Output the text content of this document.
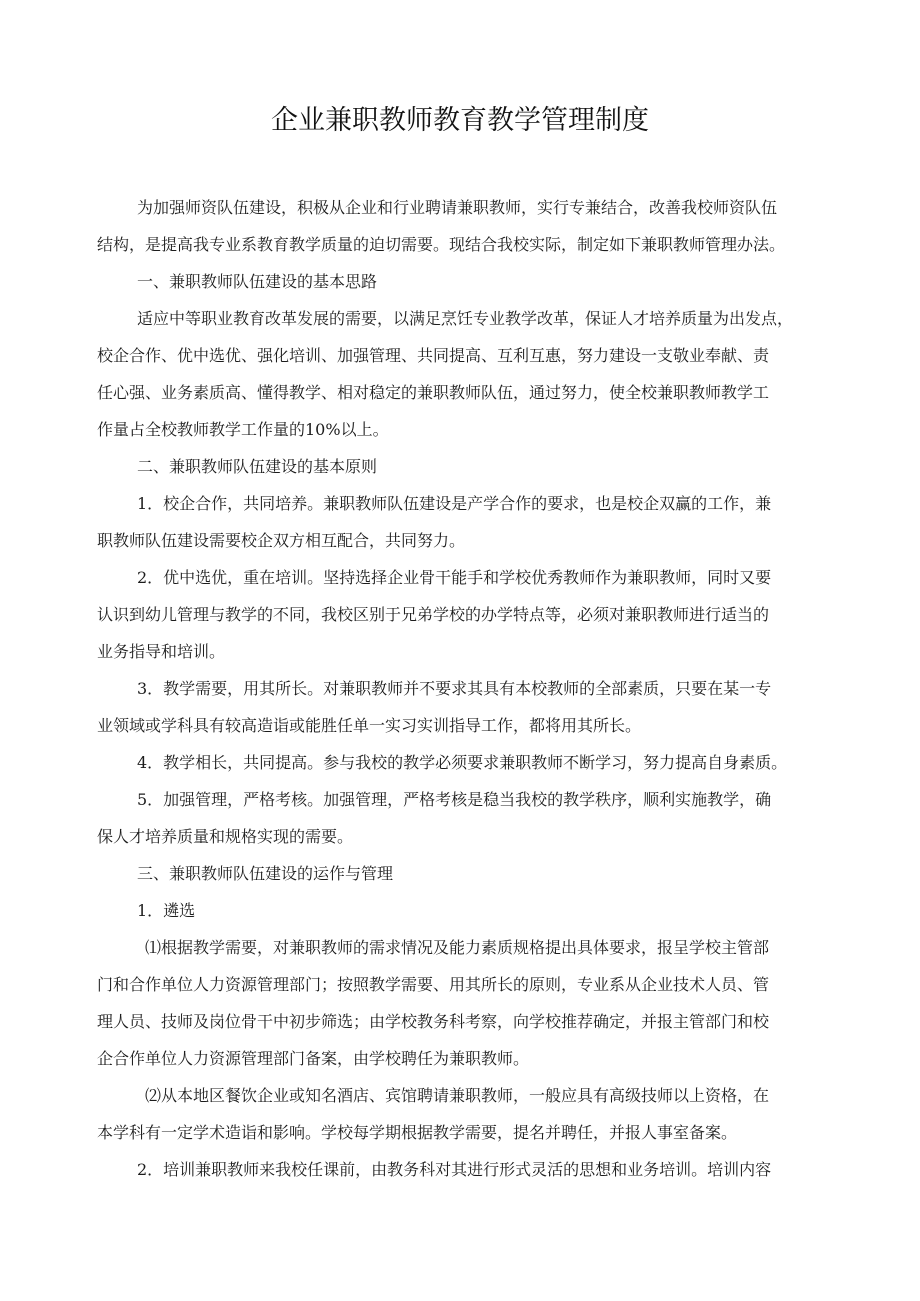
企业兼职教师教育教学管理制度
为加强师资队伍建设，积极从企业和行业聘请兼职教师，实行专兼结合，改善我校师资队伍
结构，是提高我专业系教育教学质量的迫切需要。现结合我校实际，制定如下兼职教师管理办法。
一、兼职教师队伍建设的基本思路
适应中等职业教育改革发展的需要，以满足烹饪专业教学改革，保证人才培养质量为出发点，
校企合作、优中选优、强化培训、加强管理、共同提高、互利互惠，努力建设一支敬业奉献、责
任心强、业务素质高、懂得教学、相对稳定的兼职教师队伍，通过努力，使全校兼职教师教学工
作量占全校教师教学工作量的10%以上。
二、兼职教师队伍建设的基本原则
1．校企合作，共同培养。兼职教师队伍建设是产学合作的要求，也是校企双赢的工作，兼
职教师队伍建设需要校企双方相互配合，共同努力。
2．优中选优，重在培训。坚持选择企业骨干能手和学校优秀教师作为兼职教师，同时又要
认识到幼儿管理与教学的不同，我校区别于兄弟学校的办学特点等，必须对兼职教师进行适当的
业务指导和培训。
3．教学需要，用其所长。对兼职教师并不要求其具有本校教师的全部素质，只要在某一专
业领域或学科具有较高造诣或能胜任单一实习实训指导工作，都将用其所长。
4．教学相长，共同提高。参与我校的教学必须要求兼职教师不断学习，努力提高自身素质。
5．加强管理，严格考核。加强管理，严格考核是稳当我校的教学秩序，顺利实施教学，确
保人才培养质量和规格实现的需要。
三、兼职教师队伍建设的运作与管理
1．遴选
⑴根据教学需要，对兼职教师的需求情况及能力素质规格提出具体要求，报呈学校主管部
门和合作单位人力资源管理部门；按照教学需要、用其所长的原则，专业系从企业技术人员、管
理人员、技师及岗位骨干中初步筛选；由学校教务科考察，向学校推荐确定，并报主管部门和校
企合作单位人力资源管理部门备案，由学校聘任为兼职教师。
⑵从本地区餐饮企业或知名酒店、宾馆聘请兼职教师，一般应具有高级技师以上资格，在
本学科有一定学术造诣和影响。学校每学期根据教学需要，提名并聘任，并报人事室备案。
2．培训兼职教师来我校任课前，由教务科对其进行形式灵活的思想和业务培训。培训内容
